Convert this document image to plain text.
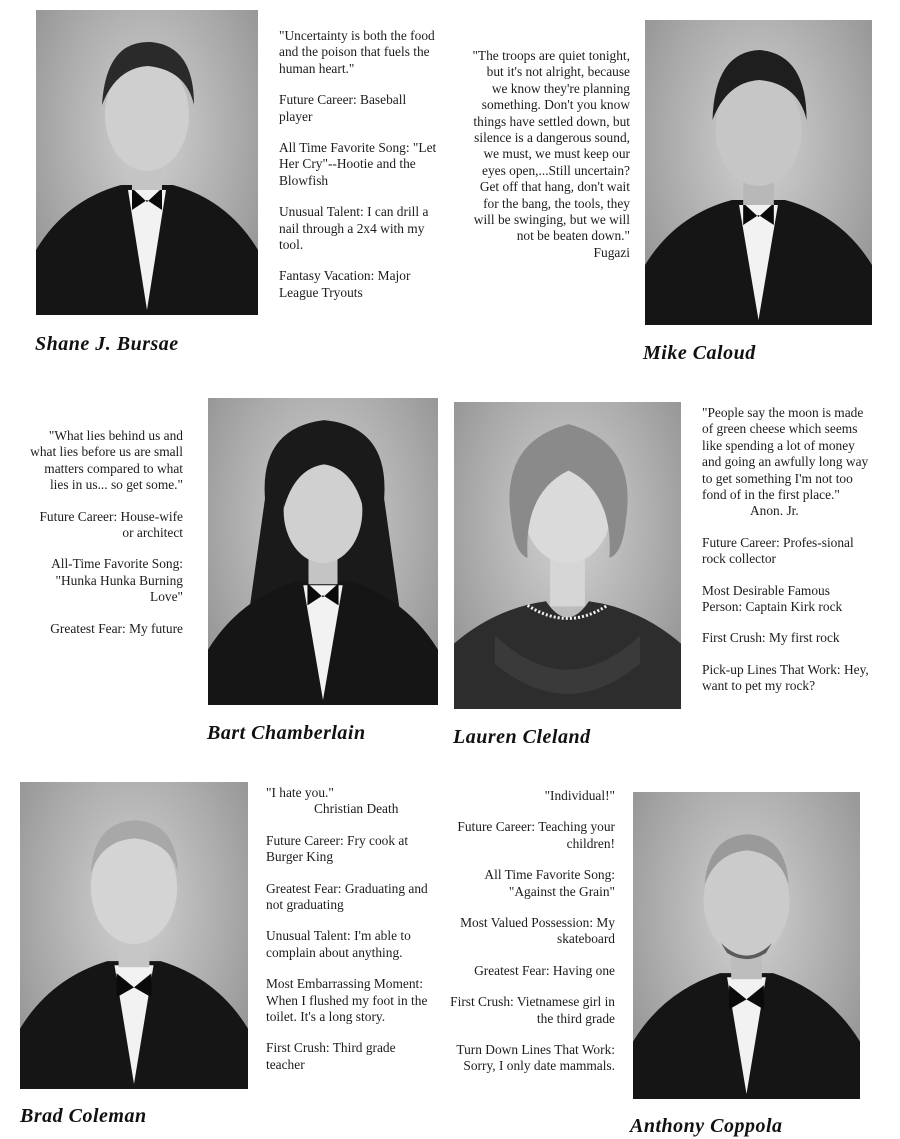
Shane J. Bursae

"Uncertainty is both the food and the poison that fuels the human heart."

Future Career: Baseball player

All Time Favorite Song: "Let Her Cry"--Hootie and the Blowfish

Unusual Talent: I can drill a nail through a 2x4 with my tool.

Fantasy Vacation: Major League Tryouts

"The troops are quiet tonight, but it's not alright, because we know they're planning something. Don't you know things have settled down, but silence is a dangerous sound, we must, we must keep our eyes open,...Still uncertain? Get off that hang, don't wait for the bang, the tools, they will be swinging, but we will not be beaten down."
Fugazi

Mike Caloud

"What lies behind us and what lies before us are small matters compared to what lies in us... so get some."

Future Career: House-wife or architect

All-Time Favorite Song: "Hunka Hunka Burning Love"

Greatest Fear: My future

Bart Chamberlain	Lauren Cleland

"People say the moon is made of green cheese which seems like spending a lot of money and going an awfully long way to get something I'm not too fond of in the first place."
Anon. Jr.

Future Career: Profes-sional rock collector

Most Desirable Famous Person: Captain Kirk rock

First Crush: My first rock

Pick-up Lines That Work: Hey, want to pet my rock?

Brad Coleman

"I hate you."
Christian Death

Future Career: Fry cook at Burger King

Greatest Fear: Graduating and not graduating

Unusual Talent: I'm able to complain about anything.

Most Embarrassing Moment: When I flushed my foot in the toilet. It's a long story.

First Crush: Third grade teacher

"Individual!"

Future Career: Teaching your children!

All Time Favorite Song: "Against the Grain"

Most Valued Possession: My skateboard

Greatest Fear: Having one

First Crush: Vietnamese girl in the third grade

Turn Down Lines That Work: Sorry, I only date mammals.

Anthony Coppola
